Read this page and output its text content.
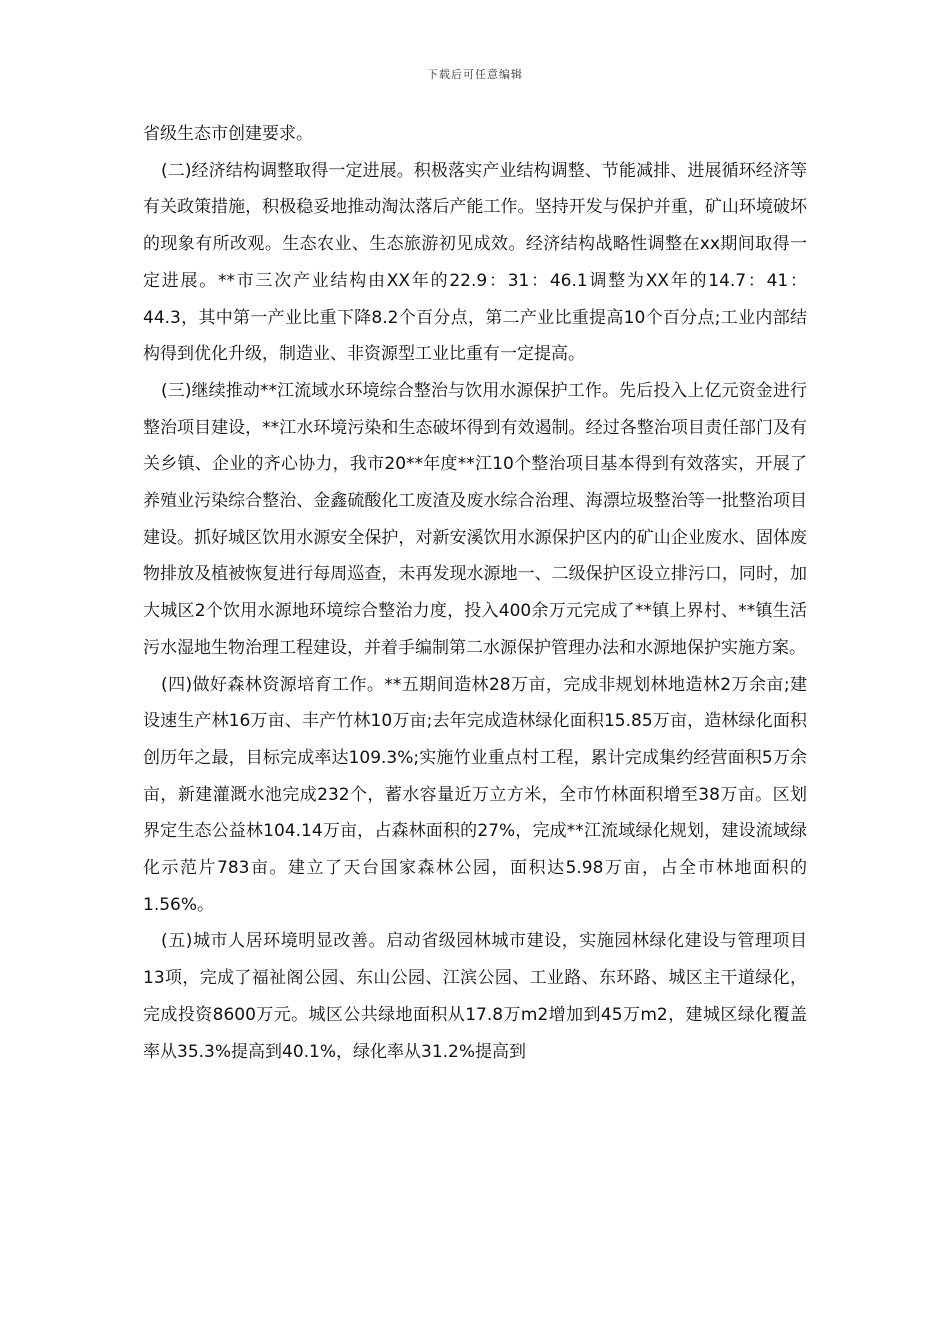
下载后可任意编辑

省级生态市创建要求。

(二)经济结构调整取得一定进展。积极落实产业结构调整、节能减排、进展循环经济等有关政策措施，积极稳妥地推动淘汰落后产能工作。坚持开发与保护并重，矿山环境破坏的现象有所改观。生态农业、生态旅游初见成效。经济结构战略性调整在xx期间取得一定进展。**市三次产业结构由XX年的22.9：31：46.1调整为XX年的14.7：41：44.3，其中第一产业比重下降8.2个百分点，第二产业比重提高10个百分点;工业内部结构得到优化升级，制造业、非资源型工业比重有一定提高。

(三)继续推动**江流域水环境综合整治与饮用水源保护工作。先后投入上亿元资金进行整治项目建设，**江水环境污染和生态破坏得到有效遏制。经过各整治项目责任部门及有关乡镇、企业的齐心协力，我市20**年度**江10个整治项目基本得到有效落实，开展了养殖业污染综合整治、金鑫硫酸化工废渣及废水综合治理、海漂垃圾整治等一批整治项目建设。抓好城区饮用水源安全保护，对新安溪饮用水源保护区内的矿山企业废水、固体废物排放及植被恢复进行每周巡查，未再发现水源地一、二级保护区设立排污口，同时，加大城区2个饮用水源地环境综合整治力度，投入400余万元完成了**镇上界村、**镇生活污水湿地生物治理工程建设，并着手编制第二水源保护管理办法和水源地保护实施方案。

(四)做好森林资源培育工作。**五期间造林28万亩，完成非规划林地造林2万余亩;建设速生产林16万亩、丰产竹林10万亩;去年完成造林绿化面积15.85万亩，造林绿化面积创历年之最，目标完成率达109.3%;实施竹业重点村工程，累计完成集约经营面积5万余亩，新建灌溉水池完成232个，蓄水容量近万立方米，全市竹林面积增至38万亩。区划界定生态公益林104.14万亩，占森林面积的27%，完成**江流域绿化规划，建设流域绿化示范片783亩。建立了天台国家森林公园，面积达5.98万亩，占全市林地面积的1.56%。

(五)城市人居环境明显改善。启动省级园林城市建设，实施园林绿化建设与管理项目13项，完成了福祉阁公园、东山公园、江滨公园、工业路、东环路、城区主干道绿化，完成投资8600万元。城区公共绿地面积从17.8万m2增加到45万m2，建城区绿化覆盖率从35.3%提高到40.1%，绿化率从31.2%提高到
